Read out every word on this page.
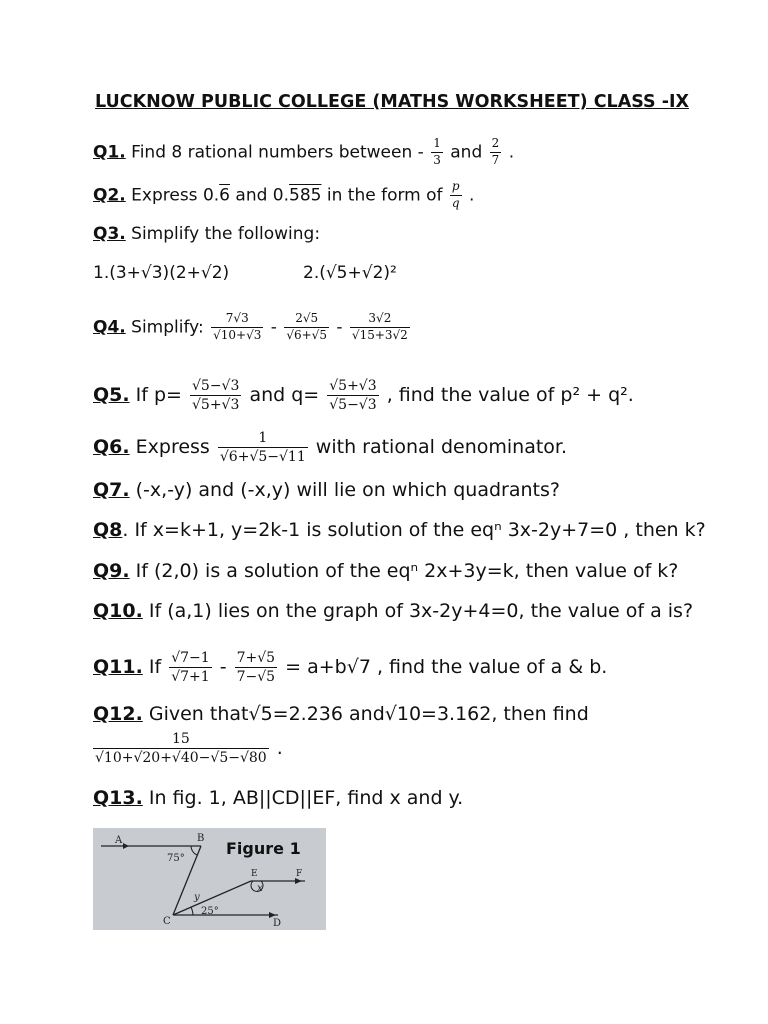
LUCKNOW PUBLIC COLLEGE (MATHS WORKSHEET) CLASS -IX
Q1. Find 8 rational numbers between - $\frac{1}{3}$ and $\frac{2}{7}$ .
Q2. Express 0.6 and 0.585 in the form of $\frac{p}{q}$ .
Q3. Simplify the following:
1.(3+√3)(2+√2)	2.(√5+√2)²
Q4. Simplify: $\frac{7√3}{√10+√3} - \frac{2√5}{√6+√5} - \frac{3√2}{√15+3√2}$
Q5. If $p= \frac{√5-√3}{√5+√3}$ and $q= \frac{√5+√3}{√5-√3}$ , find the value of p² + q².
Q6. Express $\frac{1}{√6+√5-√11}$ with rational denominator.
Q7. (-x,-y) and (-x,y) will lie on which quadrants?
Q8. If x=k+1, y=2k-1 is solution of the eqⁿ 3x-2y+7=0 , then k?
Q9. If (2,0) is a solution of the eqⁿ 2x+3y=k, then value of k?
Q10. If (a,1) lies on the graph of 3x-2y+4=0, the value of a is?
Q11. If $\frac{√7-1}{√7+1} - \frac{7+√5}{7-√5} = a+b√7$ , find the value of a & b.
Q12. Given that√5=2.236 and√10=3.162, then find
$\frac{15}{√10+√20+√40-√5-√80}$ .
Q13. In fig. 1, AB||CD||EF, find x and y.
A	B
C	D
E	F
x
y
75°
25°
Figure 1
